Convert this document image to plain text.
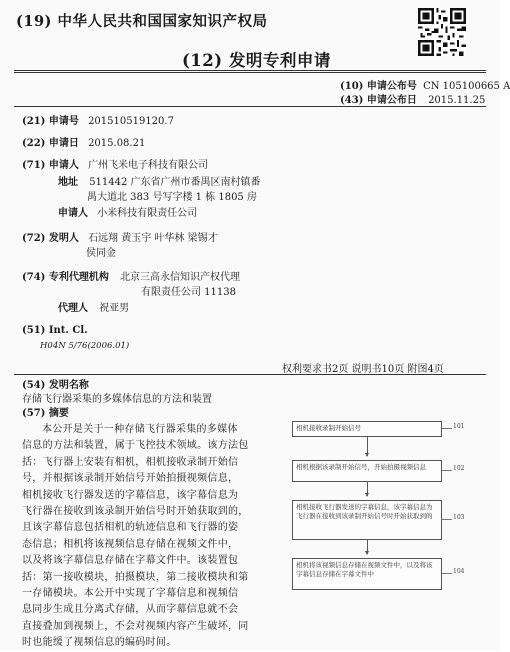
(19) 中华人民共和国国家知识产权局
(12) 发明专利申请
(10) 申请公布号 CN 105100665 A
(43) 申请公布日 2015.11.25
(21) 申请号 201510519120.7
(22) 申请日 2015.08.21
(71) 申请人 广州飞米电子科技有限公司
地址 511442 广东省广州市番禺区南村镇番
禺大道北 383 号写字楼 1 栋 1805 房
申请人 小米科技有限责任公司
(72) 发明人 石远翔 黄玉宇 叶华林 梁锡才
侯同金
(74) 专利代理机构 北京三高永信知识产权代理
有限责任公司 11138
代理人 祝亚男
(51) Int. Cl.
H04N 5/76(2006.01)
权利要求书2页 说明书10页 附图4页
(54) 发明名称
存储飞行器采集的多媒体信息的方法和装置
(57) 摘要
本公开是关于一种存储飞行器采集的多媒体
信息的方法和装置，属于飞控技术领域。该方法包
括：飞行器上安装有相机，相机接收录制开始信
号，并根据该录制开始信号开始拍摄视频信息，
相机接收飞行器发送的字幕信息，该字幕信息为
飞行器在接收到该录制开始信号时开始获取到的，
且该字幕信息包括相机的轨迹信息和飞行器的姿
态信息；相机将该视频信息存储在视频文件中，
以及将该字幕信息存储在字幕文件中。该装置包
括：第一接收模块，拍摄模块，第二接收模块和第
一存储模块。本公开中实现了字幕信息和视频信
息同步生成且分离式存储，从而字幕信息就不会
直接叠加到视频上，不会对视频内容产生破坏，同
时也能缓了视频信息的编码时间。
相机接收录制开始信号	101
相机根据该录制开始信号，开始拍摄视频信息	102
相机接收飞行器发送的字幕信息，该字幕信息为飞行器在接收到该录制开始信号时开始获取到的	103
相机将该视频信息存储在视频文件中，以及将该字幕信息存储在字幕文件中	104
